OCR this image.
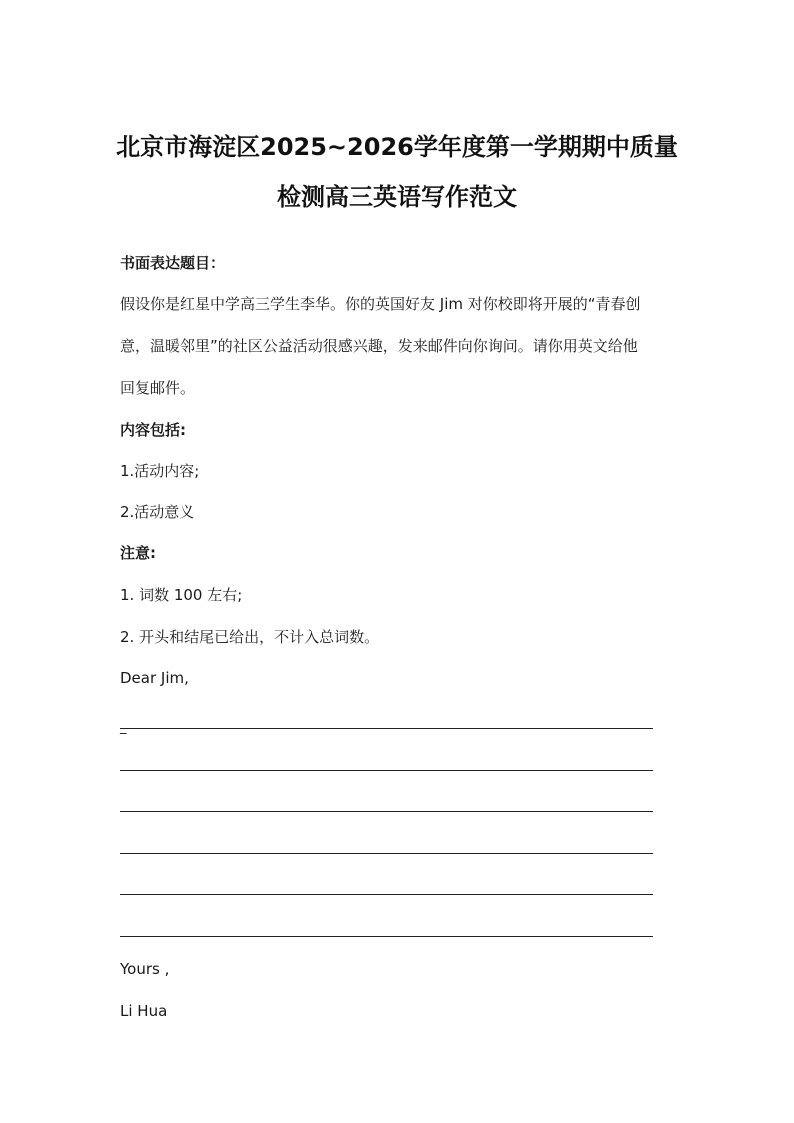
北京市海淀区2025~2026学年度第一学期期中质量
检测高三英语写作范文
书面表达题目：
假设你是红星中学高三学生李华。你的英国好友 Jim 对你校即将开展的“青春创
意，温暖邻里”的社区公益活动很感兴趣，发来邮件向你询问。请你用英文给他
回复邮件。
内容包括:
1.活动内容;
2.活动意义
注意:
1. 词数 100 左右;
2. 开头和结尾已给出，不计入总词数。
Dear Jim,
_
Yours ,
Li Hua
